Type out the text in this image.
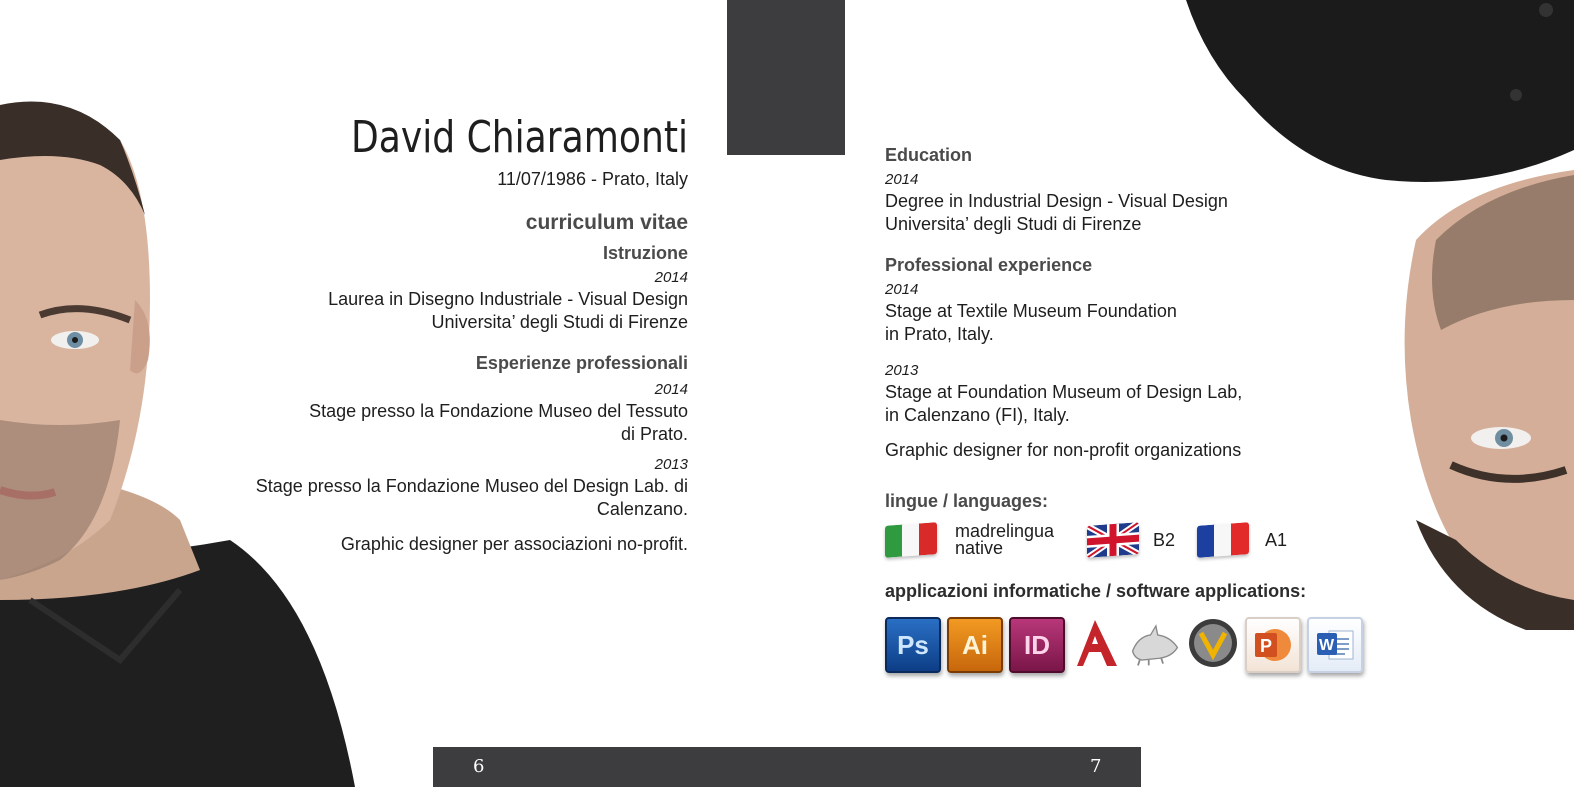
6	7
David Chiaramonti
11/07/1986 - Prato, Italy
curriculum vitae
Istruzione
2014
Laurea in Disegno Industriale - Visual Design
Universita’ degli Studi di Firenze
Esperienze professionali
2014
Stage presso la Fondazione Museo del Tessuto
di Prato.
2013
Stage presso la Fondazione Museo del Design Lab. di
Calenzano.
Graphic designer per associazioni no-profit.
Education
2014
Degree in Industrial Design - Visual Design
Universita’ degli Studi di Firenze
Professional experience
2014
Stage at Textile Museum Foundation
in Prato, Italy.
2013
Stage at Foundation Museum of Design Lab,
in Calenzano (FI), Italy.
Graphic designer for non-profit organizations
lingue / languages:
madrelingua
native	B2	A1
applicazioni informatiche / software applications:
Ps Ai ID	P	W
